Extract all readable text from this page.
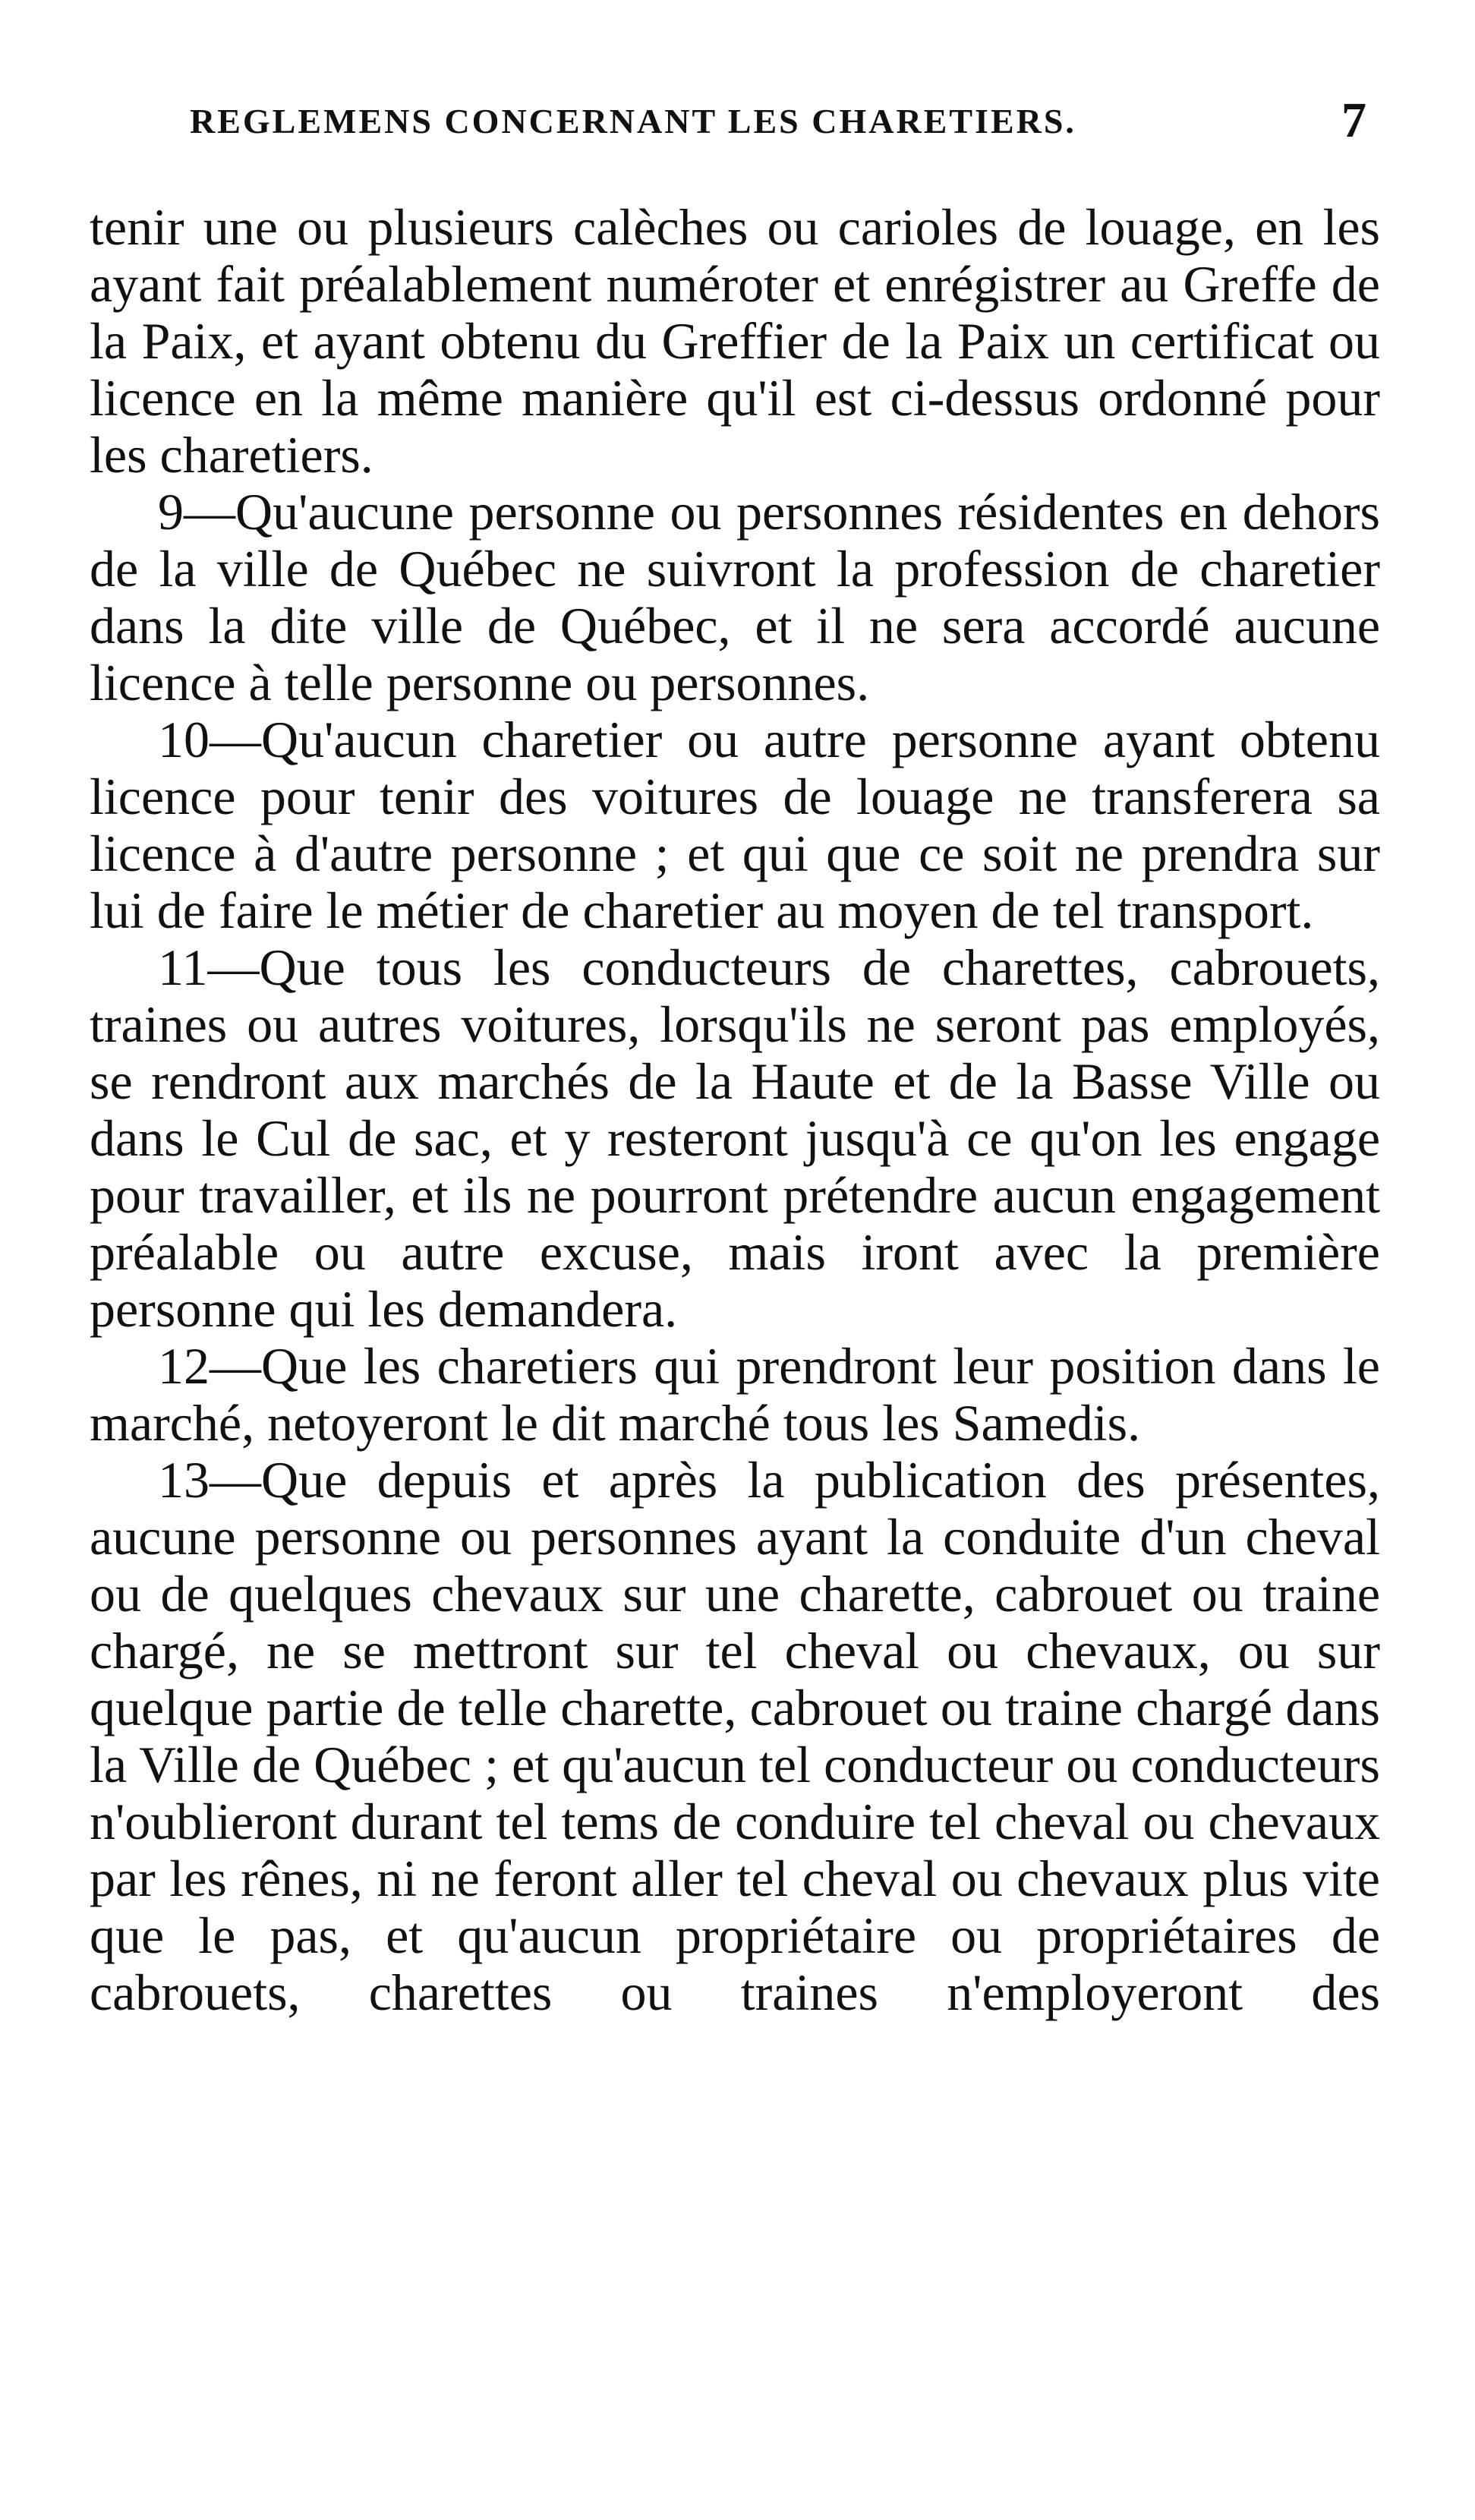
REGLEMENS CONCERNANT LES CHARETIERS.	7

tenir une ou plusieurs calèches ou carioles de louage, en les ayant fait préalablement numéroter et enrégistrer au Greffe de la Paix, et ayant obtenu du Greffier de la Paix un certificat ou licence en la même manière qu'il est ci-dessus ordonné pour les charetiers.

9—Qu'aucune personne ou personnes résidentes en dehors de la ville de Québec ne suivront la profession de charetier dans la dite ville de Québec, et il ne sera accordé aucune licence à telle personne ou personnes.

10—Qu'aucun charetier ou autre personne ayant obtenu licence pour tenir des voitures de louage ne transferera sa licence à d'autre personne ; et qui que ce soit ne prendra sur lui de faire le métier de charetier au moyen de tel transport.

11—Que tous les conducteurs de charettes, cabrouets, traines ou autres voitures, lorsqu'ils ne seront pas employés, se rendront aux marchés de la Haute et de la Basse Ville ou dans le Cul de sac, et y resteront jusqu'à ce qu'on les engage pour travailler, et ils ne pourront prétendre aucun engagement préalable ou autre excuse, mais iront avec la première personne qui les demandera.

12—Que les charetiers qui prendront leur position dans le marché, netoyeront le dit marché tous les Samedis.

13—Que depuis et après la publication des présentes, aucune personne ou personnes ayant la conduite d'un cheval ou de quelques chevaux sur une charette, cabrouet ou traine chargé, ne se mettront sur tel cheval ou chevaux, ou sur quelque partie de telle charette, cabrouet ou traine chargé dans la Ville de Québec ; et qu'aucun tel conducteur ou conducteurs n'oublieront durant tel tems de conduire tel cheval ou chevaux par les rênes, ni ne feront aller tel cheval ou chevaux plus vite que le pas, et qu'aucun propriétaire ou propriétaires de cabrouets, charettes ou traines n'employeront des
